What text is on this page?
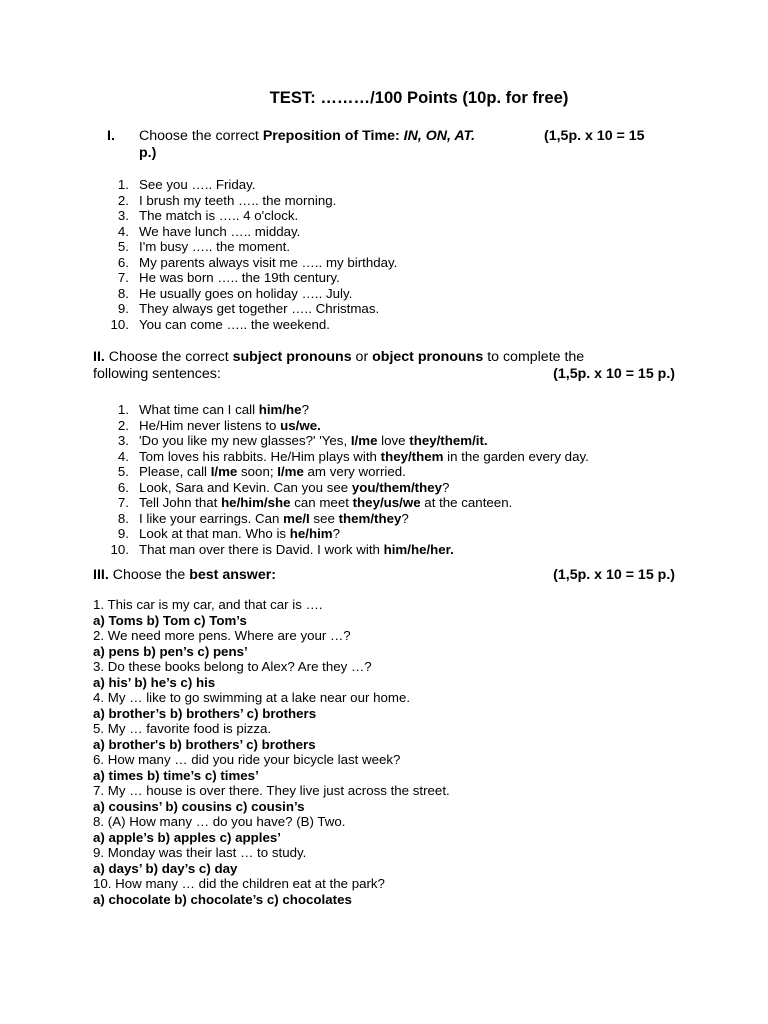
TEST: ………/100 Points (10p. for free)
I. Choose the correct Preposition of Time: IN, ON, AT.	(1,5p. x 10 = 15
p.)
1. See you ….. Friday.
2. I brush my teeth ….. the morning.
3. The match is ….. 4 o'clock.
4. We have lunch ….. midday.
5. I'm busy ….. the moment.
6. My parents always visit me ….. my birthday.
7. He was born ….. the 19th century.
8. He usually goes on holiday ….. July.
9. They always get together ….. Christmas.
10. You can come ….. the weekend.
II. Choose the correct subject pronouns or object pronouns to complete the
following sentences:	(1,5p. x 10 = 15 p.)
1. What time can I call him/he?
2. He/Him never listens to us/we.
3. 'Do you like my new glasses?' 'Yes, I/me love they/them/it.
4. Tom loves his rabbits. He/Him plays with they/them in the garden every day.
5. Please, call I/me soon; I/me am very worried.
6. Look, Sara and Kevin. Can you see you/them/they?
7. Tell John that he/him/she can meet they/us/we at the canteen.
8. I like your earrings. Can me/I see them/they?
9. Look at that man. Who is he/him?
10. That man over there is David. I work with him/he/her.
III. Choose the best answer:	(1,5p. x 10 = 15 p.)
1. This car is my car, and that car is ….
a) Toms b) Tom c) Tom’s
2. We need more pens. Where are your …?
a) pens b) pen’s c) pens’
3. Do these books belong to Alex? Are they …?
a) his’ b) he’s c) his
4. My … like to go swimming at a lake near our home.
a) brother’s b) brothers’ c) brothers
5. My … favorite food is pizza.
a) brother's b) brothers’ c) brothers
6. How many … did you ride your bicycle last week?
a) times b) time’s c) times’
7. My … house is over there. They live just across the street.
a) cousins’ b) cousins c) cousin’s
8. (A) How many … do you have? (B) Two.
a) apple’s b) apples c) apples’
9. Monday was their last … to study.
a) days’ b) day’s c) day
10. How many … did the children eat at the park?
a) chocolate b) chocolate’s c) chocolates
